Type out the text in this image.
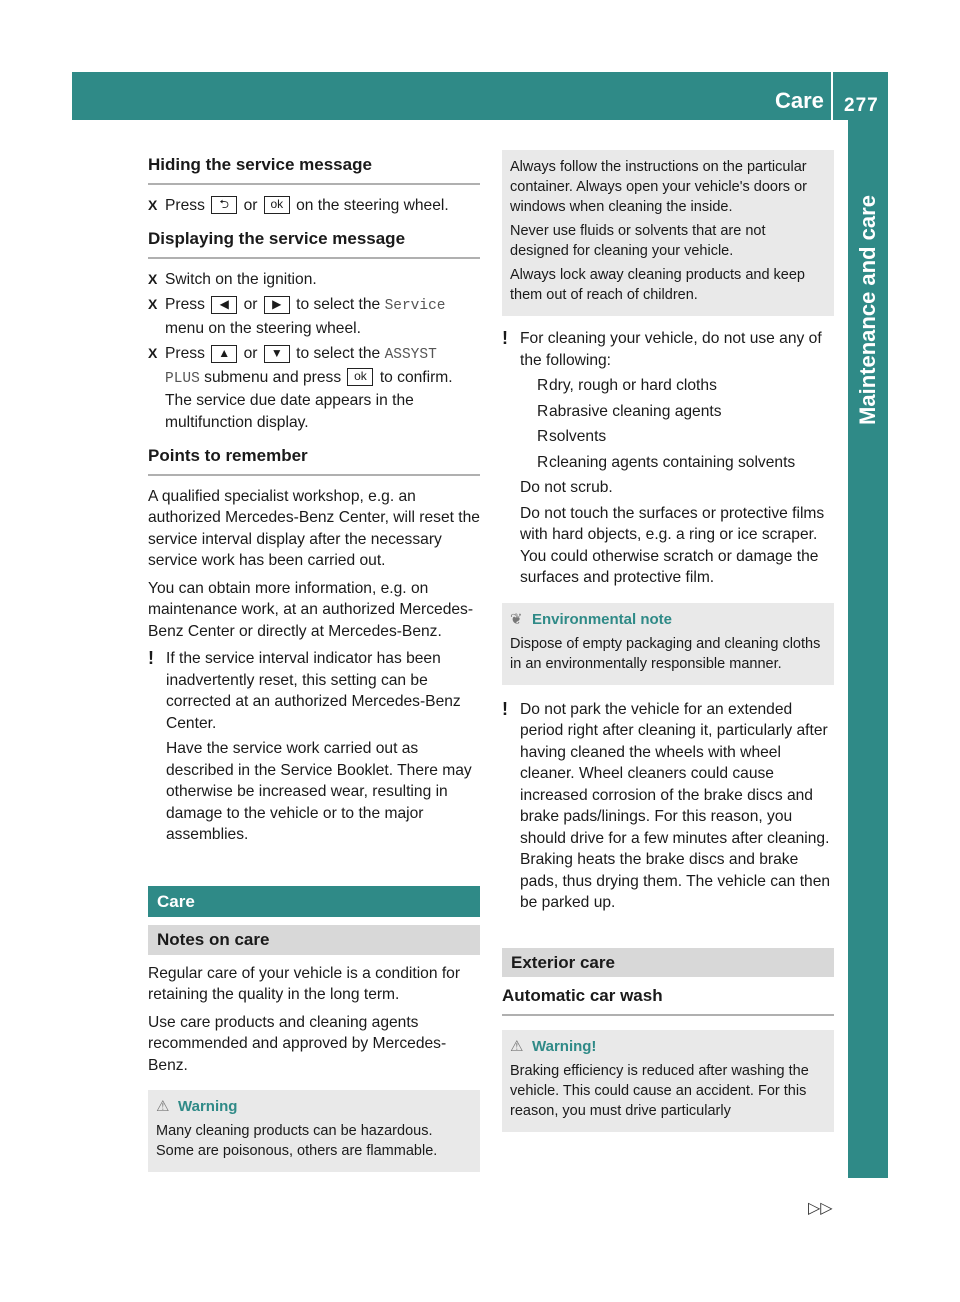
Care 277
Maintenance and care
Hiding the service message
X Press ⮌ or ok on the steering wheel.
Displaying the service message
X Switch on the ignition.
X Press ◀ or ▶ to select the Service menu on the steering wheel.
X Press ▲ or ▼ to select the ASSYST PLUS submenu and press ok to confirm.
The service due date appears in the multifunction display.
Points to remember

A qualified specialist workshop, e.g. an authorized Mercedes-Benz Center, will reset the service interval display after the necessary service work has been carried out.

You can obtain more information, e.g. on maintenance work, at an authorized Mercedes-Benz Center or directly at Mercedes-Benz.

! If the service interval indicator has been inadvertently reset, this setting can be corrected at an authorized Mercedes-Benz Center.
Have the service work carried out as described in the Service Booklet. There may otherwise be increased wear, resulting in damage to the vehicle or to the major assemblies.
Care
Notes on care

Regular care of your vehicle is a condition for retaining the quality in the long term.

Use care products and cleaning agents recommended and approved by Mercedes-Benz.

⚠ Warning

Many cleaning products can be hazardous. Some are poisonous, others are flammable.

Always follow the instructions on the particular container. Always open your vehicle's doors or windows when cleaning the inside.

Never use fluids or solvents that are not designed for cleaning your vehicle.

Always lock away cleaning products and keep them out of reach of children.

! For cleaning your vehicle, do not use any of the following:
Rdry, rough or hard cloths
Rabrasive cleaning agents
Rsolvents
Rcleaning agents containing solvents
Do not scrub.
Do not touch the surfaces or protective films with hard objects, e.g. a ring or ice scraper. You could otherwise scratch or damage the surfaces and protective film.
❦ Environmental note

Dispose of empty packaging and cleaning cloths in an environmentally responsible manner.

! Do not park the vehicle for an extended period right after cleaning it, particularly after having cleaned the wheels with wheel cleaner. Wheel cleaners could cause increased corrosion of the brake discs and brake pads/linings. For this reason, you should drive for a few minutes after cleaning. Braking heats the brake discs and brake pads, thus drying them. The vehicle can then be parked up.
Exterior care
Automatic car wash
⚠ Warning!

Braking efficiency is reduced after washing the vehicle. This could cause an accident. For this reason, you must drive particularly

▷▷
